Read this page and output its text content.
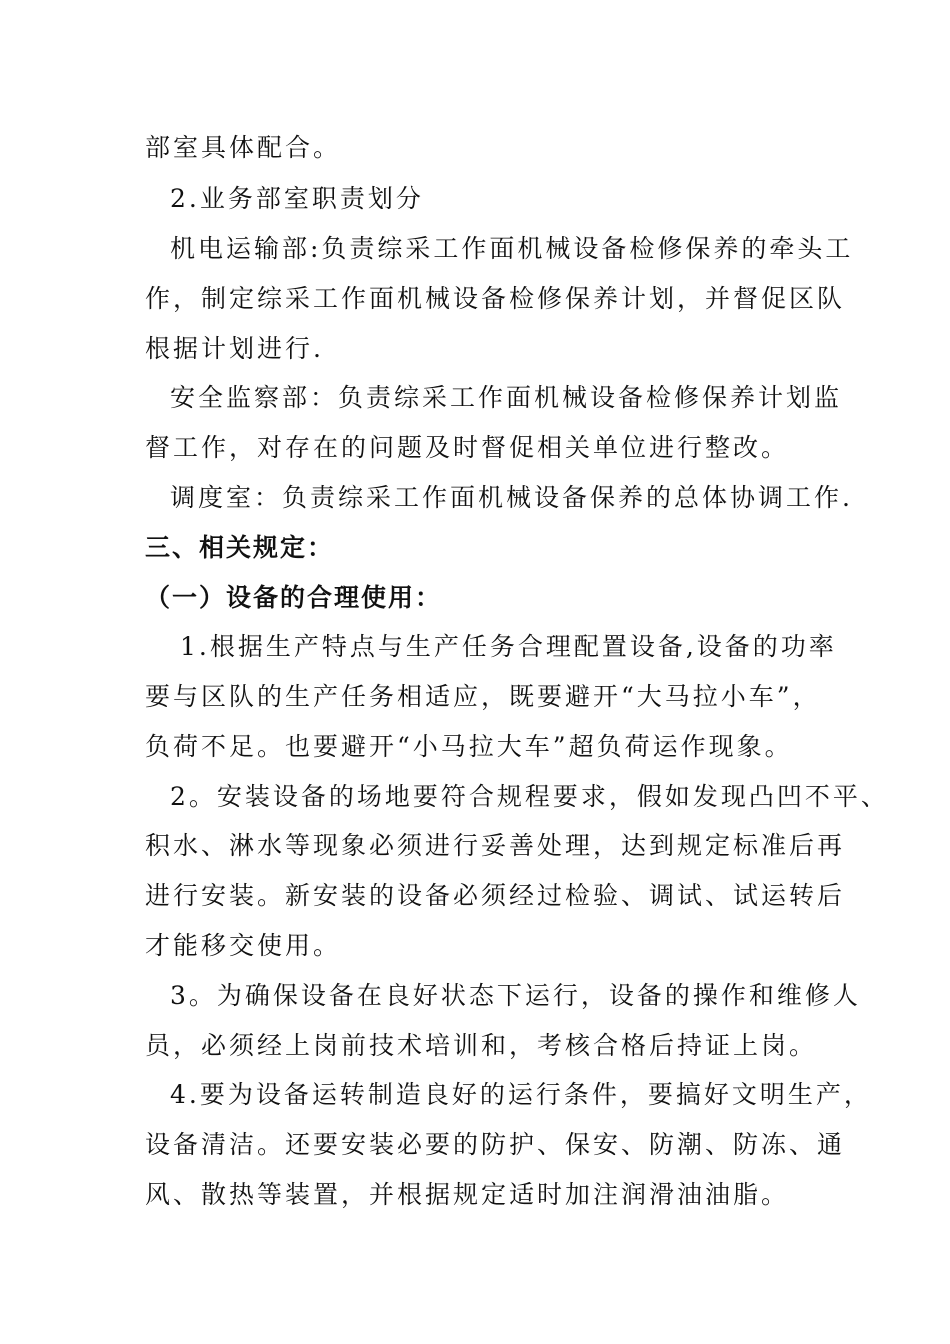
部室具体配合。
2.业务部室职责划分
机电运输部:负责综采工作面机械设备检修保养的牵头工
作，制定综采工作面机械设备检修保养计划，并督促区队
根据计划进行.
安全监察部：负责综采工作面机械设备检修保养计划监
督工作，对存在的问题及时督促相关单位进行整改。
调度室：负责综采工作面机械设备保养的总体协调工作.
三、相关规定：
（一）设备的合理使用：
1.根据生产特点与生产任务合理配置设备,设备的功率
要与区队的生产任务相适应，既要避开“大马拉小车”，
负荷不足。也要避开“小马拉大车”超负荷运作现象。
2。安装设备的场地要符合规程要求，假如发现凸凹不平、
积水、淋水等现象必须进行妥善处理，达到规定标准后再
进行安装。新安装的设备必须经过检验、调试、试运转后
才能移交使用。
3。为确保设备在良好状态下运行，设备的操作和维修人
员，必须经上岗前技术培训和，考核合格后持证上岗。
4.要为设备运转制造良好的运行条件，要搞好文明生产，
设备清洁。还要安装必要的防护、保安、防潮、防冻、通
风、散热等装置，并根据规定适时加注润滑油油脂。
